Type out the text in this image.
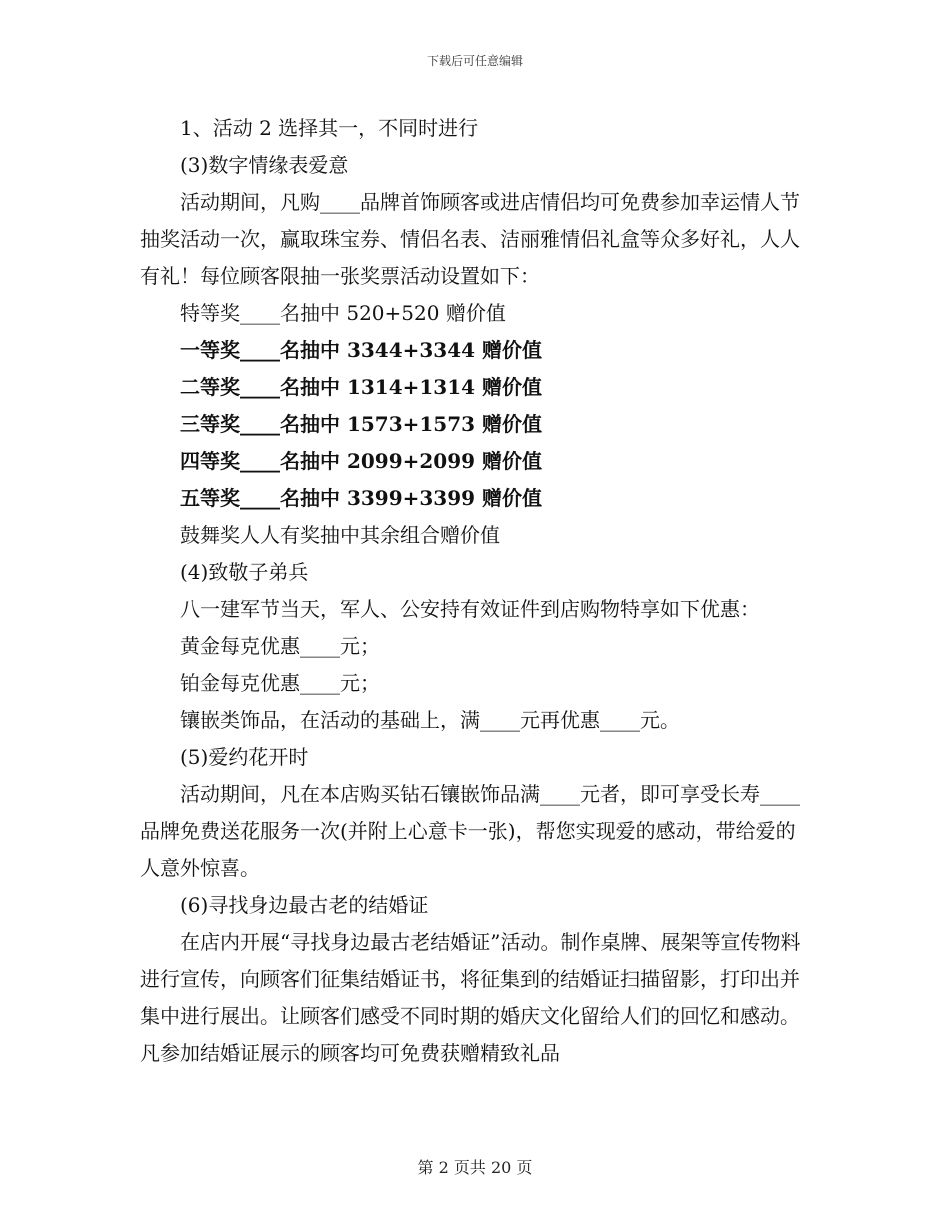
下载后可任意编辑

1、活动 2 选择其一，不同时进行

(3)数字情缘表爱意

活动期间，凡购____品牌首饰顾客或进店情侣均可免费参加幸运情人节抽奖活动一次，赢取珠宝券、情侣名表、洁丽雅情侣礼盒等众多好礼，人人有礼！每位顾客限抽一张奖票活动设置如下：

特等奖____名抽中 520+520 赠价值

一等奖____名抽中 3344+3344 赠价值

二等奖____名抽中 1314+1314 赠价值

三等奖____名抽中 1573+1573 赠价值

四等奖____名抽中 2099+2099 赠价值

五等奖____名抽中 3399+3399 赠价值

鼓舞奖人人有奖抽中其余组合赠价值

(4)致敬子弟兵

八一建军节当天，军人、公安持有效证件到店购物特享如下优惠：

黄金每克优惠____元；

铂金每克优惠____元；

镶嵌类饰品，在活动的基础上，满____元再优惠____元。

(5)爱约花开时

活动期间，凡在本店购买钻石镶嵌饰品满____元者，即可享受长寿____品牌免费送花服务一次(并附上心意卡一张)，帮您实现爱的感动，带给爱的人意外惊喜。

(6)寻找身边最古老的结婚证

在店内开展“寻找身边最古老结婚证”活动。制作桌牌、展架等宣传物料进行宣传，向顾客们征集结婚证书，将征集到的结婚证扫描留影，打印出并集中进行展出。让顾客们感受不同时期的婚庆文化留给人们的回忆和感动。凡参加结婚证展示的顾客均可免费获赠精致礼品

第 2 页共 20 页
